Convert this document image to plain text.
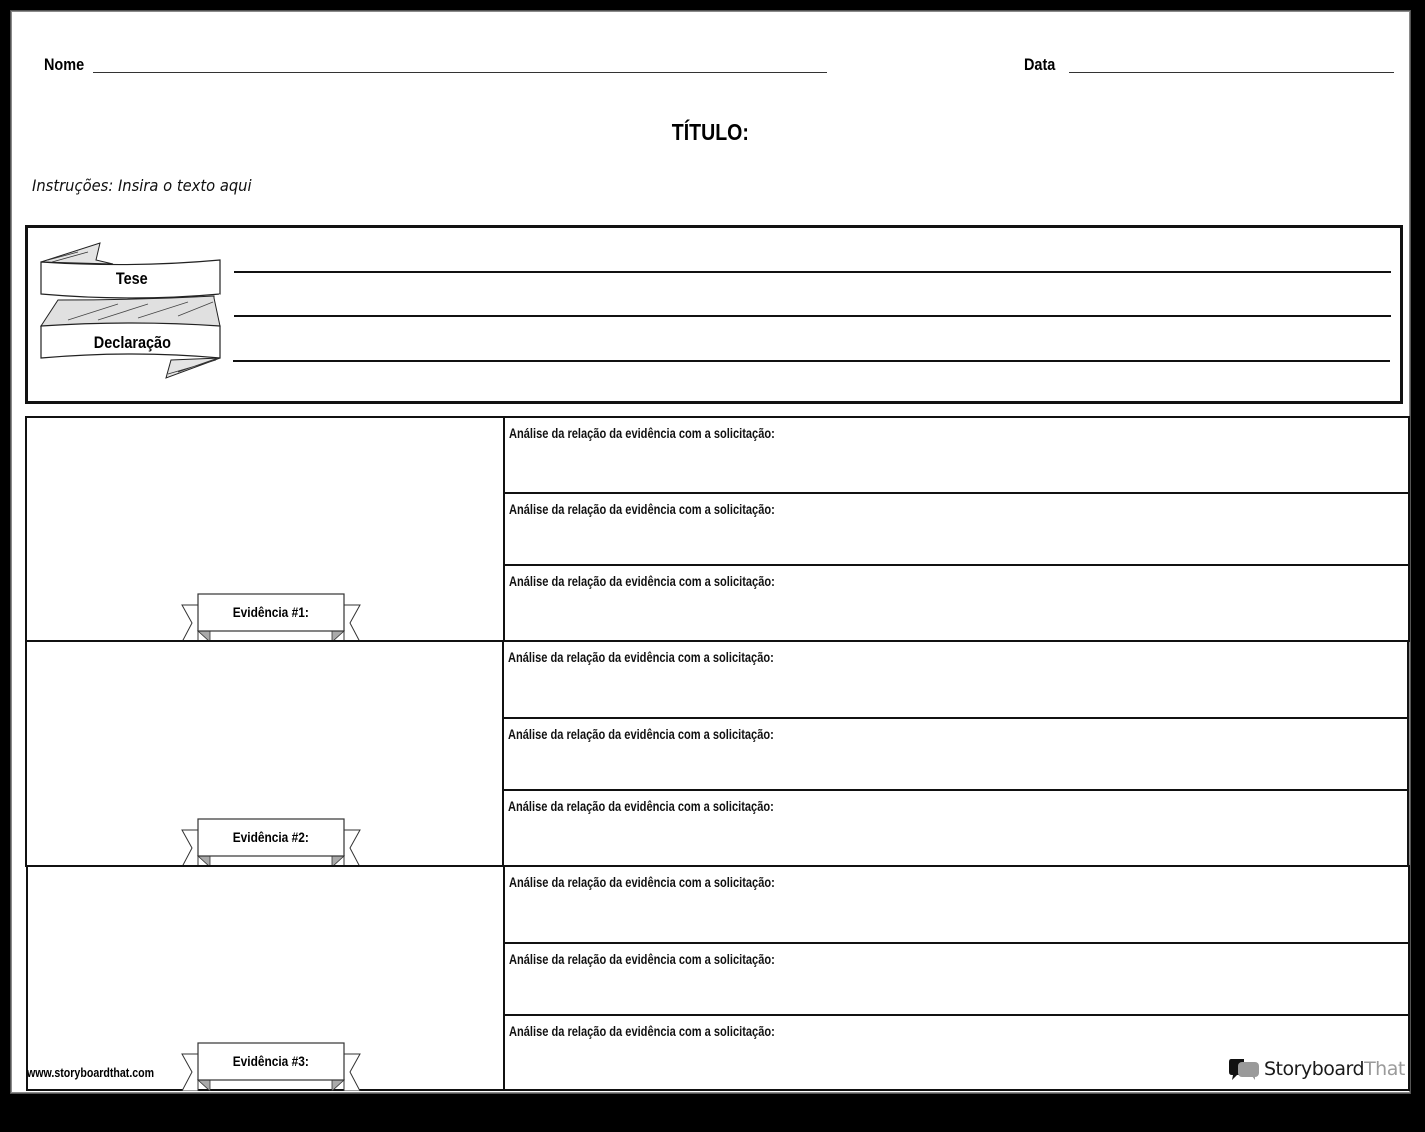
Nome	Data
TÍTULO:
Instruções: Insira o texto aqui
Tese
Declaração
Evidência #1:
Análise da relação da evidência com a solicitação:
Análise da relação da evidência com a solicitação:
Análise da relação da evidência com a solicitação:
Evidência #2:
Análise da relação da evidência com a solicitação:
Análise da relação da evidência com a solicitação:
Análise da relação da evidência com a solicitação:
Evidência #3:
Análise da relação da evidência com a solicitação:
Análise da relação da evidência com a solicitação:
Análise da relação da evidência com a solicitação:
www.storyboardthat.com	StoryboardThat
